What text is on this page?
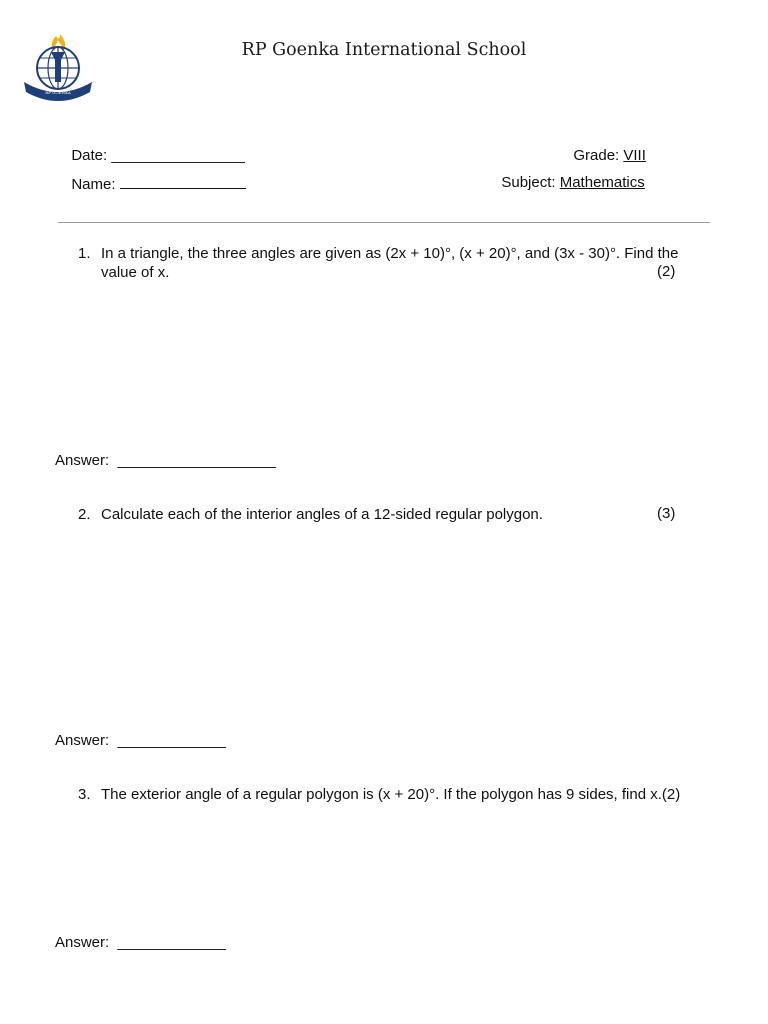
RP GOENKA
RP Goenka International School

Date: ________________

Name:

Grade: VIII

Subject: Mathematics

1. In a triangle, the three angles are given as (2x + 10)°, (x + 20)°, and (3x - 30)°. Find the value of x.	(2)
Answer:  ___________________
2. Calculate each of the interior angles of a 12-sided regular polygon.	(3)
Answer:  _____________
3. The exterior angle of a regular polygon is (x + 20)°. If the polygon has 9 sides, find x.(2)
Answer:  _____________
